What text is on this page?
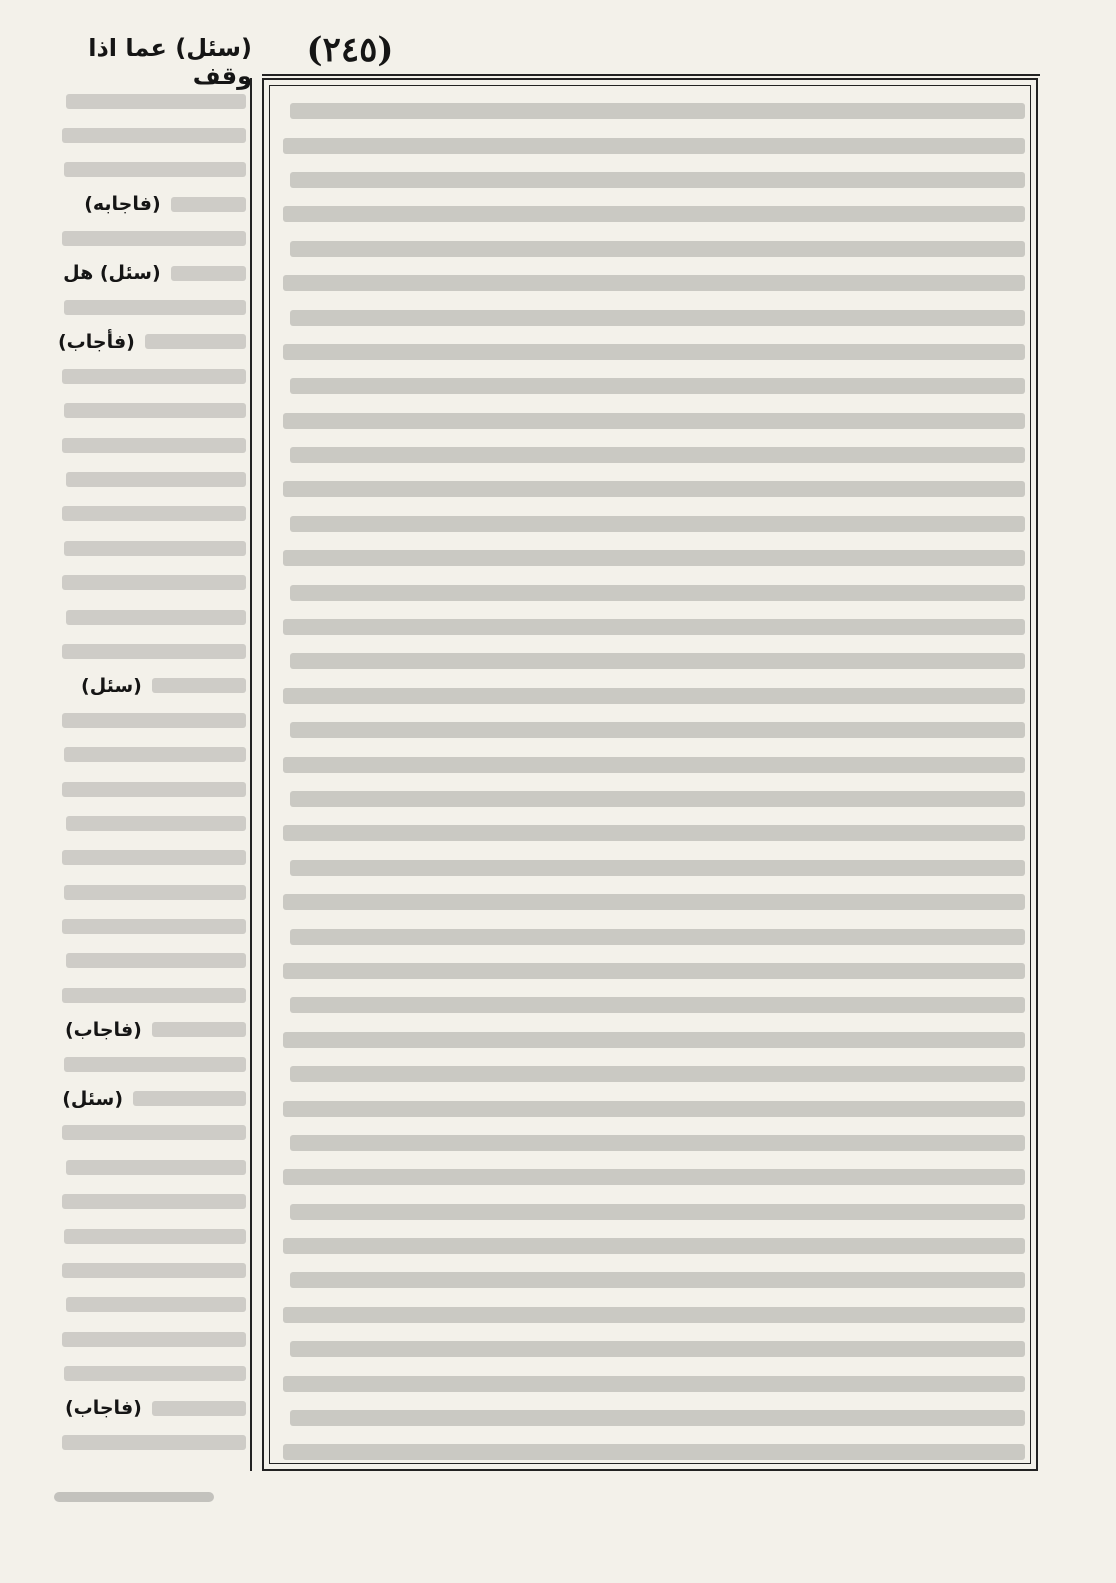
(٢٤٥)
(سئل) عما اذا وقف

(فاجابه)

(سئل) هل

(فأجاب)

(سئل)

(فاجاب)

(سئل)

(فاجاب)
